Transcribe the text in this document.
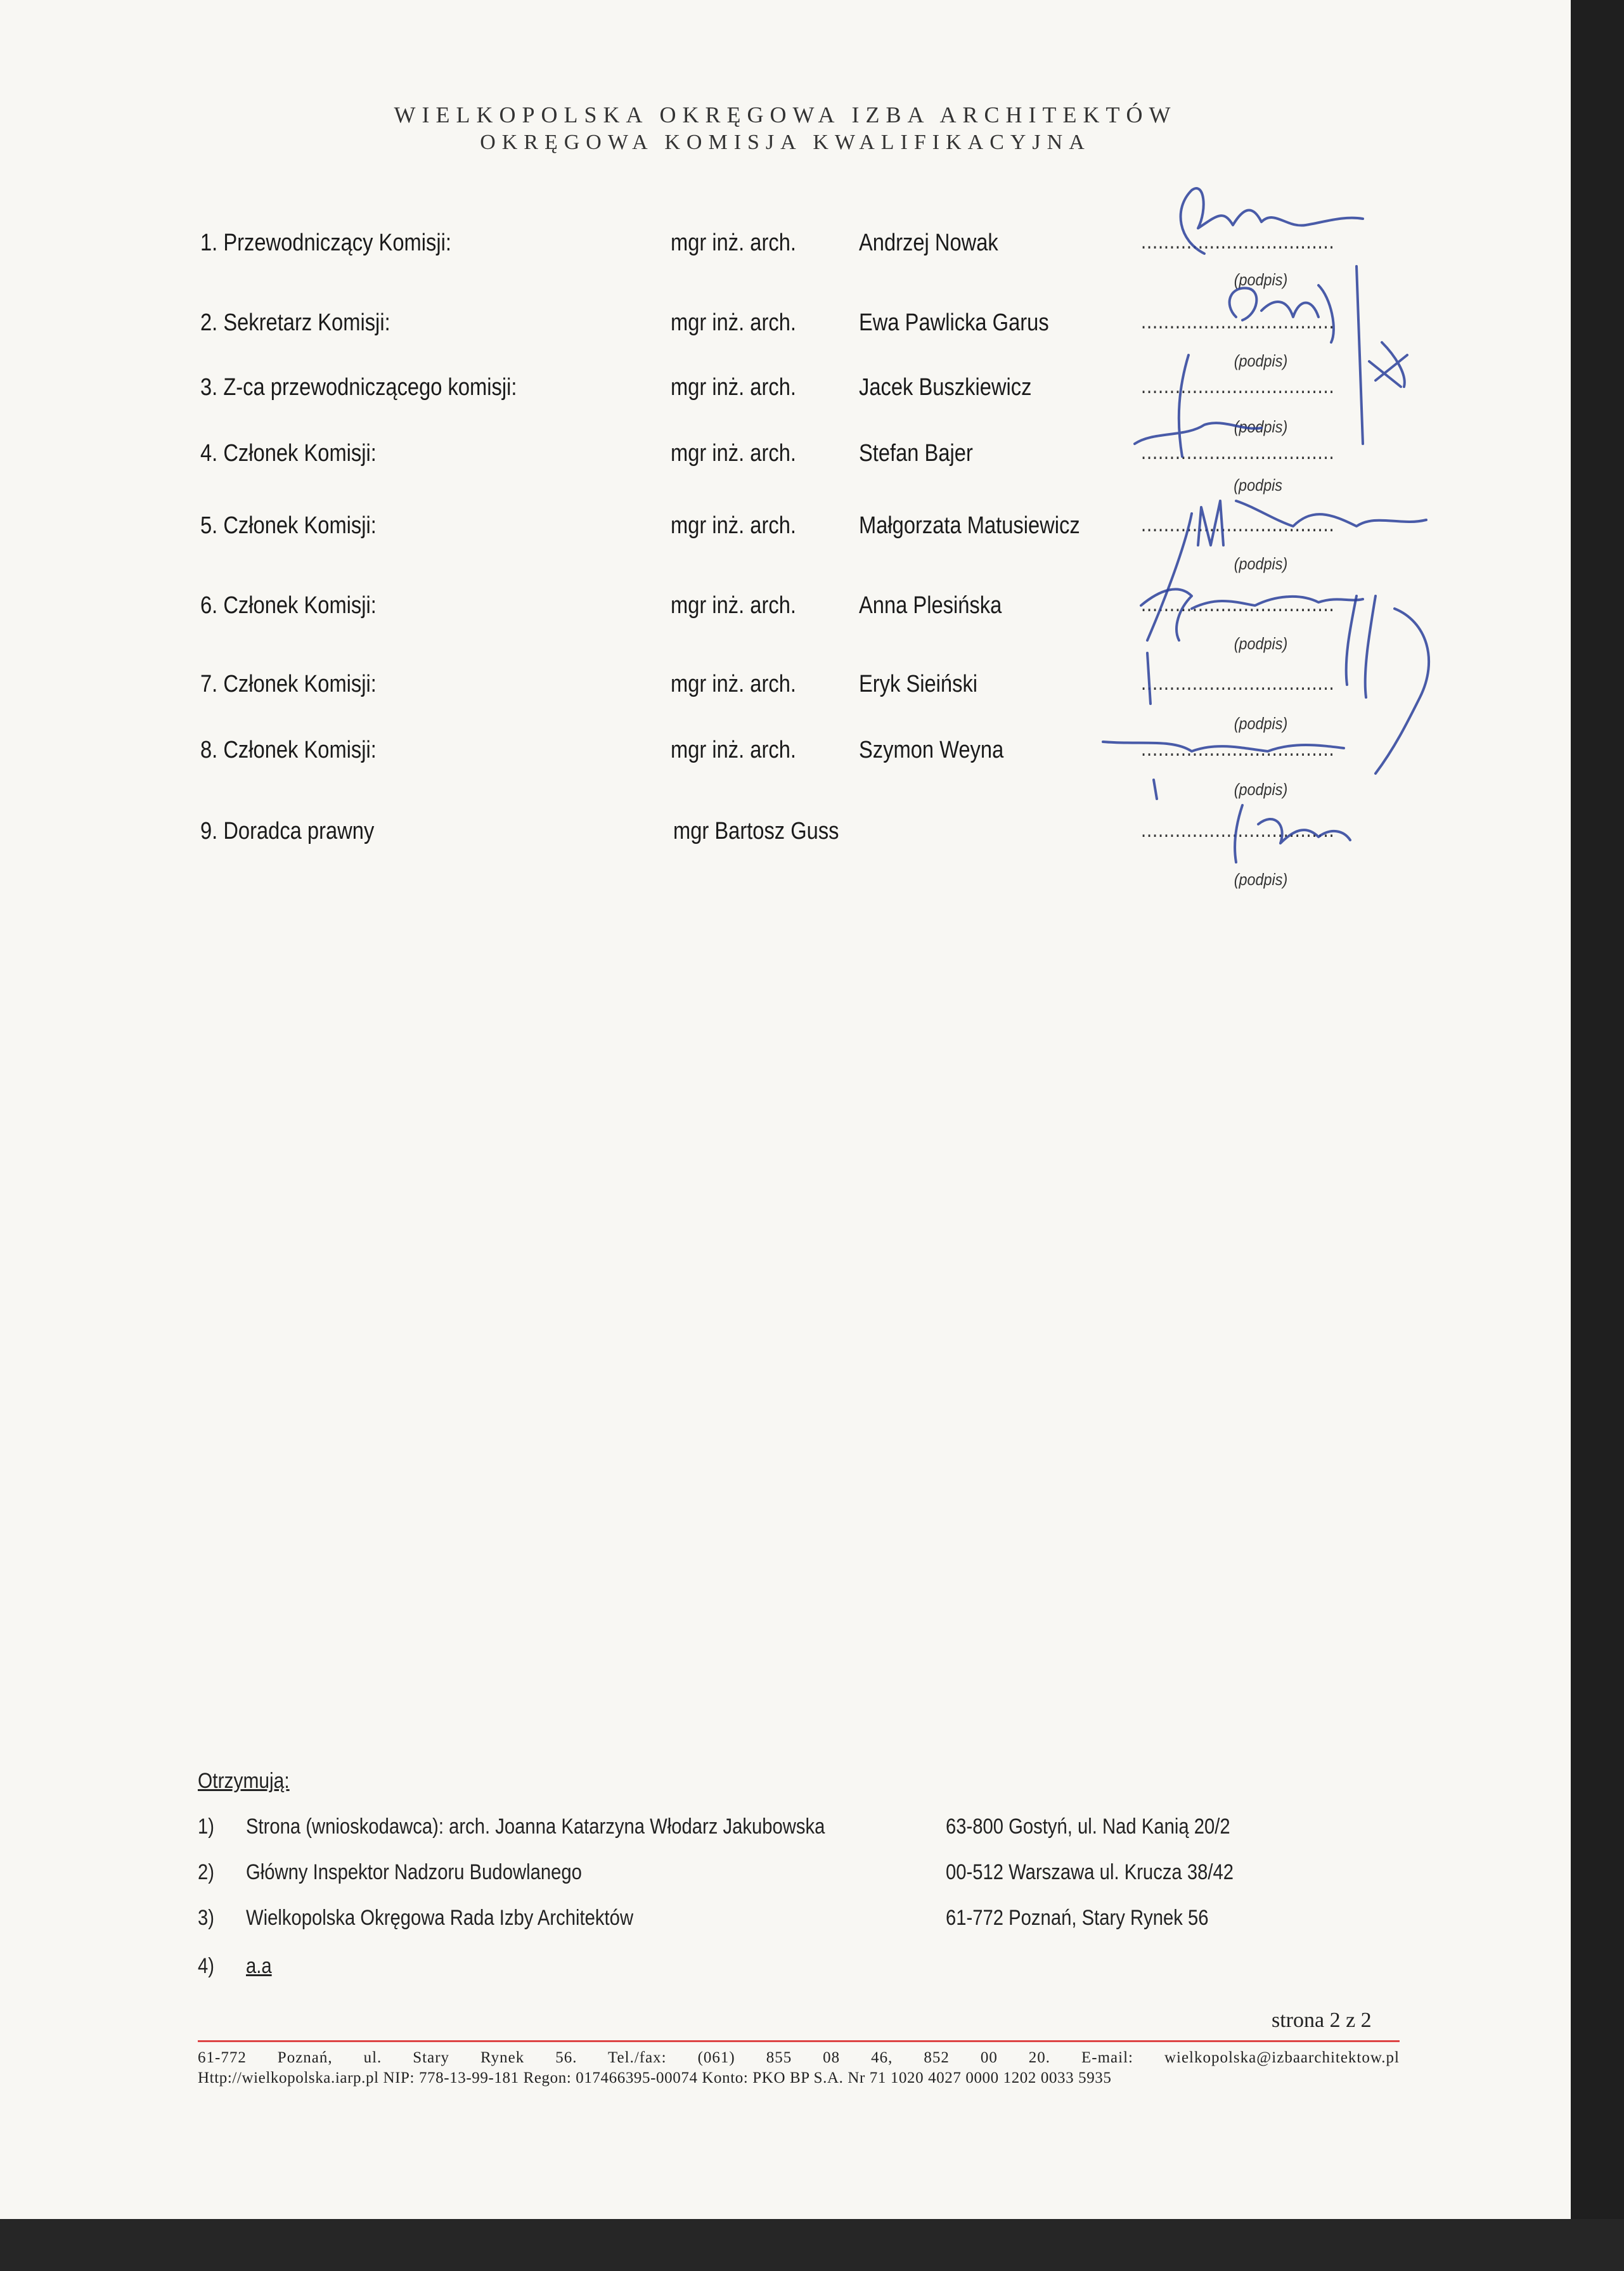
WIELKOPOLSKA OKRĘGOWA IZBA ARCHITEKTÓW
OKRĘGOWA KOMISJA KWALIFIKACYJNA
1. Przewodniczący Komisji:	mgr inż. arch.	Andrzej Nowak	..................................
(podpis)
2. Sekretarz Komisji:	mgr inż. arch.	Ewa Pawlicka Garus	..................................
(podpis)
3. Z-ca przewodniczącego komisji:	mgr inż. arch.	Jacek Buszkiewicz	..................................
(podpis)
4. Członek Komisji:	mgr inż. arch.	Stefan Bajer	..................................
(podpis
5. Członek Komisji:	mgr inż. arch.	Małgorzata Matusiewicz	..................................
(podpis)
6. Członek Komisji:	mgr inż. arch.	Anna Plesińska	..................................
(podpis)
7. Członek Komisji:	mgr inż. arch.	Eryk Sieiński	..................................
(podpis)
8. Członek Komisji:	mgr inż. arch.	Szymon Weyna	..................................
(podpis)
9. Doradca prawny	mgr Bartosz Guss	..................................
(podpis)
Otrzymują:
1) Strona (wnioskodawca): arch. Joanna Katarzyna Włodarz Jakubowska	63-800 Gostyń, ul. Nad Kanią 20/2
2) Główny Inspektor Nadzoru Budowlanego	00-512 Warszawa ul. Krucza 38/42
3) Wielkopolska Okręgowa Rada Izby Architektów	61-772 Poznań, Stary Rynek 56
4) a.a
strona 2 z 2
61-772 Poznań, ul. Stary Rynek 56. Tel./fax: (061) 855 08 46, 852 00 20. E-mail: wielkopolska@izbaarchitektow.pl
Http://wielkopolska.iarp.pl NIP: 778-13-99-181 Regon: 017466395-00074 Konto: PKO BP S.A. Nr 71 1020 4027 0000 1202 0033 5935
